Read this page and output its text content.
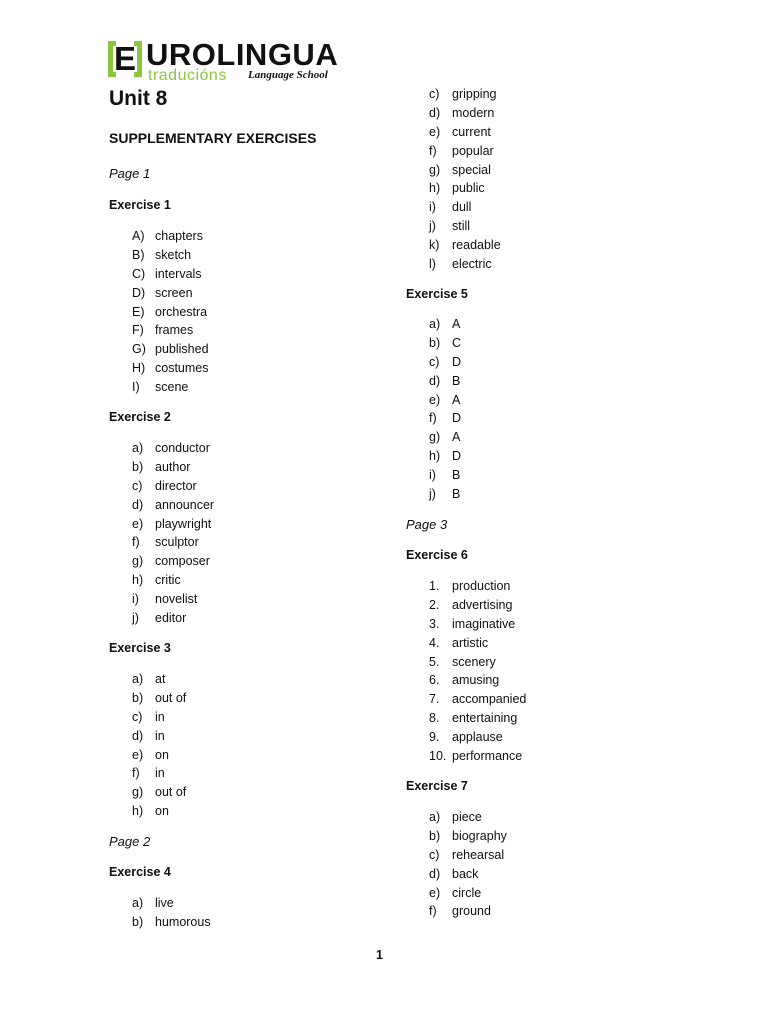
E UROLINGUA
traducións Language School
Unit 8
SUPPLEMENTARY EXERCISES
Page 1
Exercise 1
A) chapters
B) sketch
C) intervals
D) screen
E) orchestra
F) frames
G) published
H) costumes
I) scene
Exercise 2
a) conductor
b) author
c) director
d) announcer
e) playwright
f) sculptor
g) composer
h) critic
i) novelist
j) editor
Exercise 3
a) at
b) out of
c) in
d) in
e) on
f) in
g) out of
h) on
Page 2
Exercise 4
a) live
b) humorous
c) gripping
d) modern
e) current
f) popular
g) special
h) public
i) dull
j) still
k) readable
l) electric
Exercise 5
a) A
b) C
c) D
d) B
e) A
f) D
g) A
h) D
i) B
j) B
Page 3
Exercise 6
1. production
2. advertising
3. imaginative
4. artistic
5. scenery
6. amusing
7. accompanied
8. entertaining
9. applause
10. performance
Exercise 7
a) piece
b) biography
c) rehearsal
d) back
e) circle
f) ground
1
